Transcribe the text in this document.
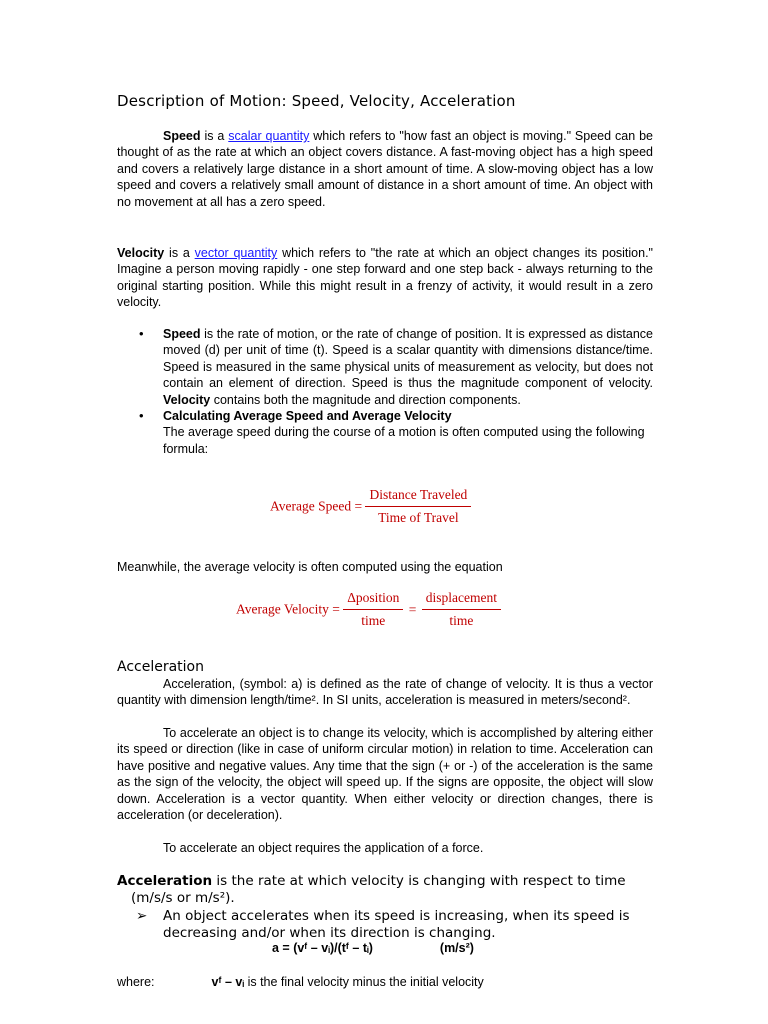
Description of Motion: Speed, Velocity, Acceleration

Speed is a scalar quantity which refers to "how fast an object is moving." Speed can be thought of as the rate at which an object covers distance. A fast-moving object has a high speed and covers a relatively large distance in a short amount of time. A slow-moving object has a low speed and covers a relatively small amount of distance in a short amount of time. An object with no movement at all has a zero speed.

Velocity is a vector quantity which refers to "the rate at which an object changes its position." Imagine a person moving rapidly - one step forward and one step back - always returning to the original starting position. While this might result in a frenzy of activity, it would result in a zero velocity.

• Speed is the rate of motion, or the rate of change of position. It is expressed as distance moved (d) per unit of time (t). Speed is a scalar quantity with dimensions distance/time. Speed is measured in the same physical units of measurement as velocity, but does not contain an element of direction. Speed is thus the magnitude component of velocity. Velocity contains both the magnitude and direction components.
• Calculating Average Speed and Average Velocity
The average speed during the course of a motion is often computed using the following formula:
Average Speed = $\frac{\text{Distance Traveled}}{\text{Time of Travel}}$
Meanwhile, the average velocity is often computed using the equation
Average Velocity = $\frac{\text{Δposition}}{\text{time}} = \frac{\text{displacement}}{\text{time}}$
Acceleration

Acceleration, (symbol: a) is defined as the rate of change of velocity. It is thus a vector quantity with dimension length/time². In SI units, acceleration is measured in meters/second².

To accelerate an object is to change its velocity, which is accomplished by altering either its speed or direction (like in case of uniform circular motion) in relation to time. Acceleration can have positive and negative values. Any time that the sign (+ or -) of the acceleration is the same as the sign of the velocity, the object will speed up. If the signs are opposite, the object will slow down. Acceleration is a vector quantity. When either velocity or direction changes, there is acceleration (or deceleration).

To accelerate an object requires the application of a force.

Acceleration is the rate at which velocity is changing with respect to time
(m/s/s or m/s²).
➢	An object accelerates when its speed is increasing, when its speed is decreasing and/or when its direction is changing.
a = (vᶠ – vᵢ)/(tᶠ – tᵢ)	(m/s²)
where:	vᶠ – vᵢ is the final velocity minus the initial velocity
